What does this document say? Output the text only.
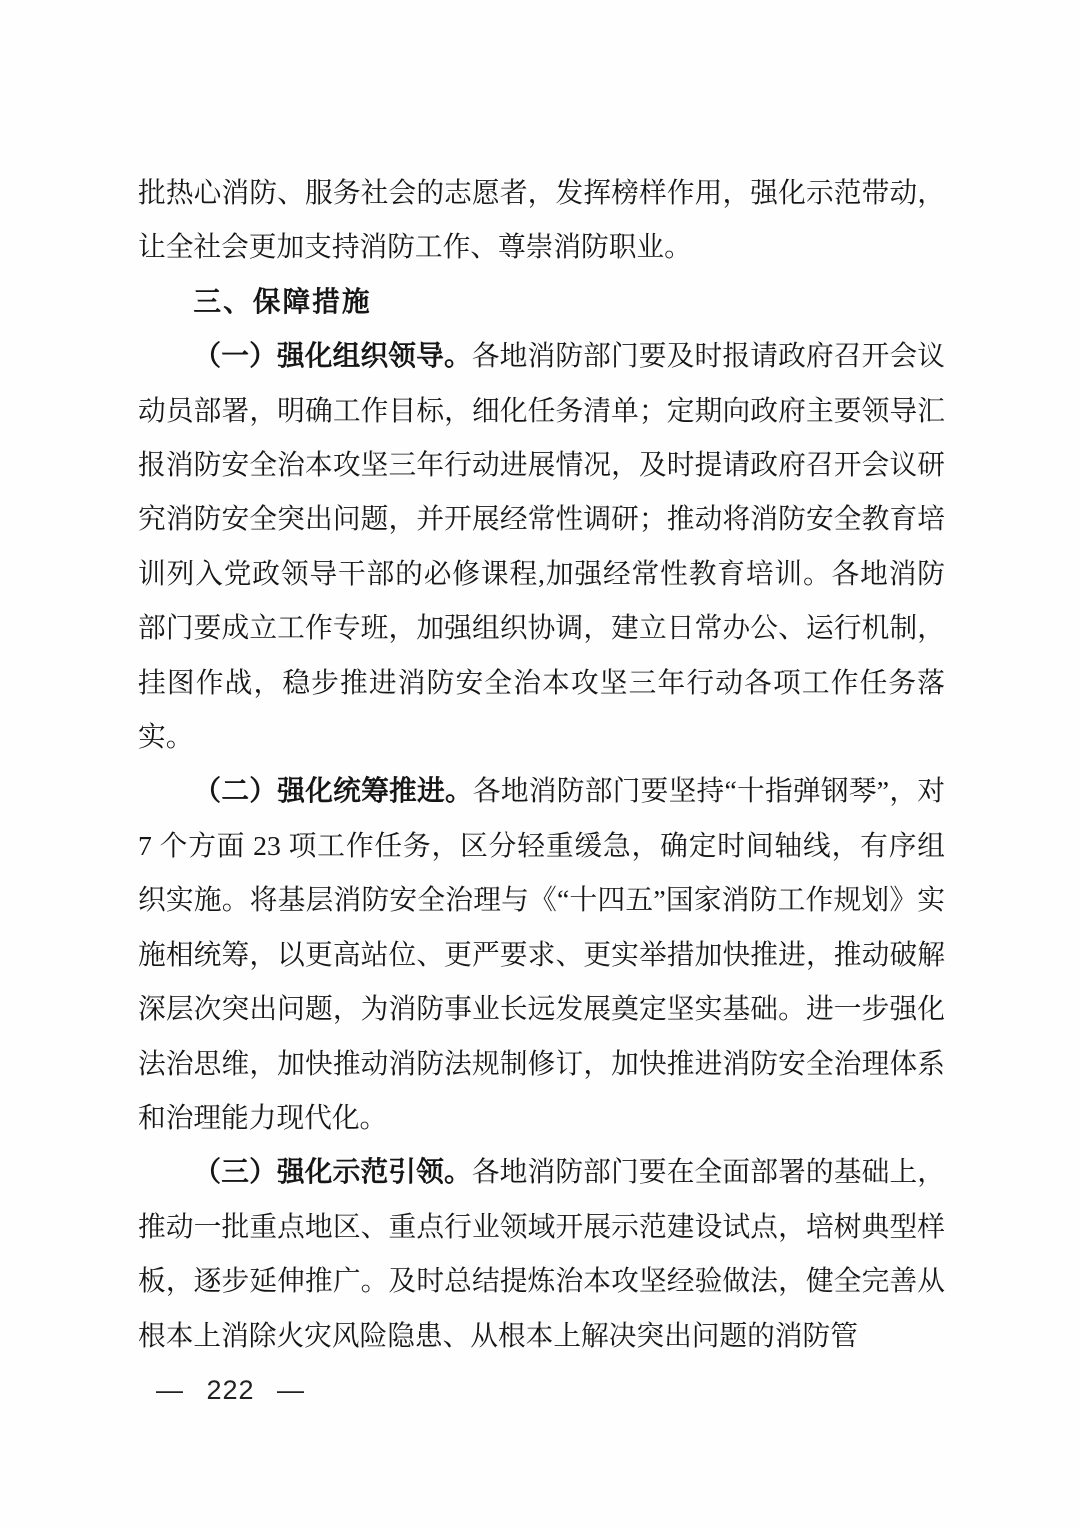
批热心消防、服务社会的志愿者，发挥榜样作用，强化示范带动，让全社会更加支持消防工作、尊崇消防职业。

三、保障措施

（一）强化组织领导。各地消防部门要及时报请政府召开会议动员部署，明确工作目标，细化任务清单；定期向政府主要领导汇报消防安全治本攻坚三年行动进展情况，及时提请政府召开会议研究消防安全突出问题，并开展经常性调研；推动将消防安全教育培训列入党政领导干部的必修课程,加强经常性教育培训。各地消防部门要成立工作专班，加强组织协调，建立日常办公、运行机制，挂图作战，稳步推进消防安全治本攻坚三年行动各项工作任务落实。

（二）强化统筹推进。各地消防部门要坚持“十指弹钢琴”，对 7 个方面 23 项工作任务，区分轻重缓急，确定时间轴线，有序组织实施。将基层消防安全治理与《“十四五”国家消防工作规划》实施相统筹，以更高站位、更严要求、更实举措加快推进，推动破解深层次突出问题，为消防事业长远发展奠定坚实基础。进一步强化法治思维，加快推动消防法规制修订，加快推进消防安全治理体系和治理能力现代化。

（三）强化示范引领。各地消防部门要在全面部署的基础上，推动一批重点地区、重点行业领域开展示范建设试点，培树典型样板，逐步延伸推广。及时总结提炼治本攻坚经验做法，健全完善从根本上消除火灾风险隐患、从根本上解决突出问题的消防管

— 222 —
